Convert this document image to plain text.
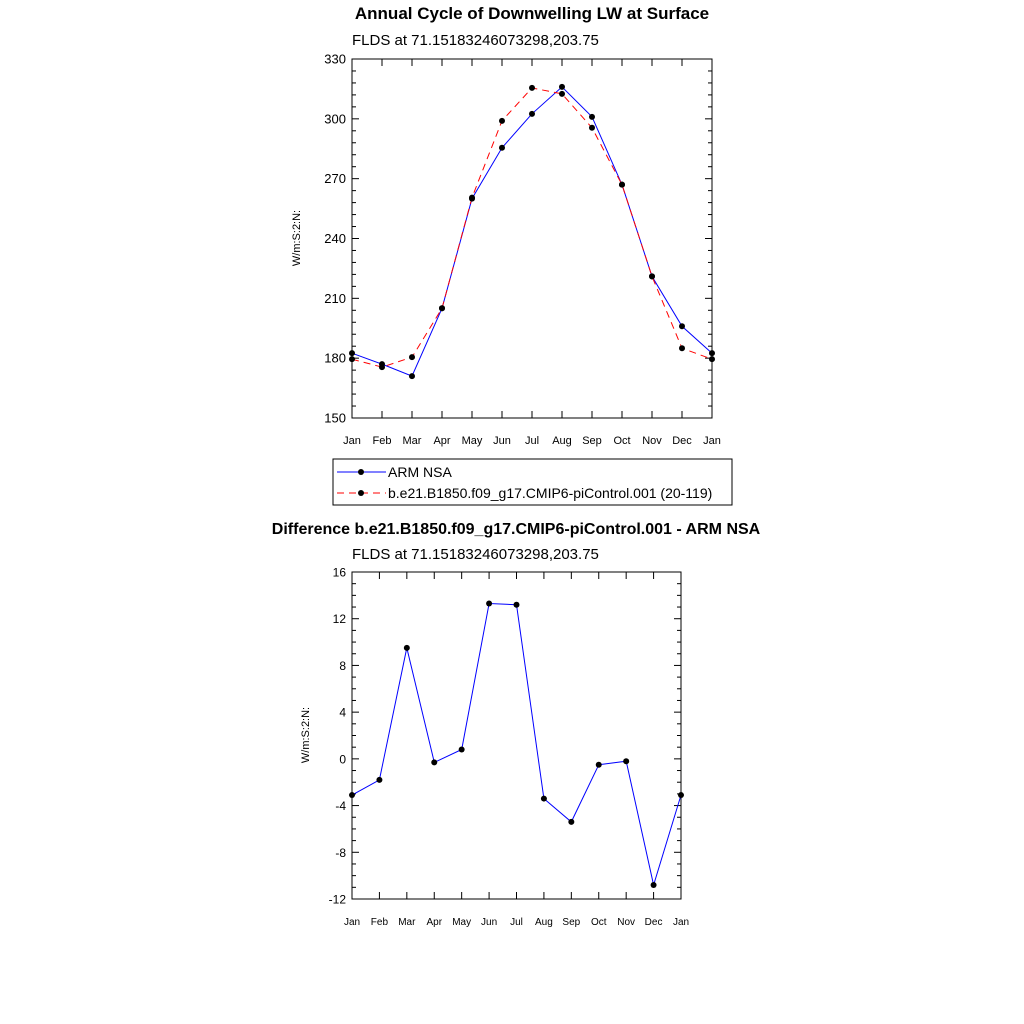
Annual Cycle of Downwelling LW at Surface
FLDS at 71.15183246073298,203.75
W/m:S:2:N:
150
180
210
240
270
300
330
Jan Feb Mar Apr May Jun Jul Aug Sep Oct Nov Dec Jan
ARM NSA
b.e21.B1850.f09_g17.CMIP6-piControl.001 (20-119)
Difference b.e21.B1850.f09_g17.CMIP6-piControl.001 - ARM NSA
FLDS at 71.15183246073298,203.75
W/m:S:2:N:
-12
-8
-4
0
4
8
12
16
Jan Feb Mar Apr May Jun Jul Aug Sep Oct Nov Dec Jan
